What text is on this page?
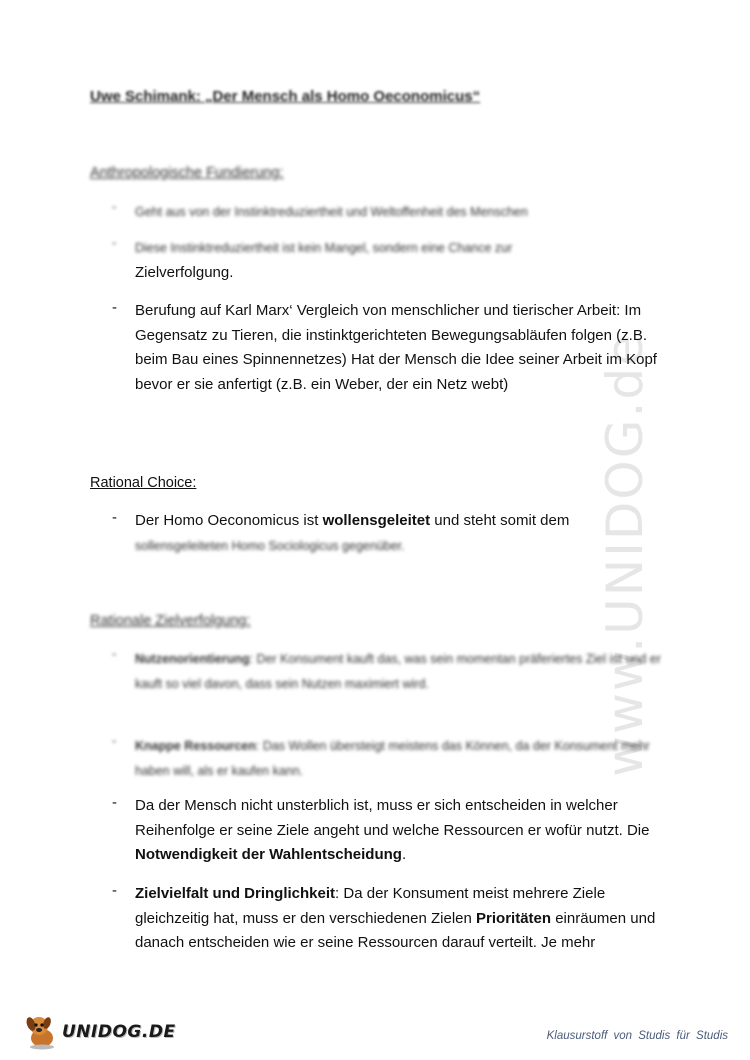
www.UNIDOG.de
Uwe Schimank: „Der Mensch als Homo Oeconomicus“
Anthropologische Fundierung:
- Geht aus von der Instinktreduziertheit und Weltoffenheit des Menschen

- Diese Instinktreduziertheit ist kein Mangel, sondern eine Chance zur

Zielverfolgung.

- Berufung auf Karl Marx‘ Vergleich von menschlicher und tierischer Arbeit: Im Gegensatz zu Tieren, die instinktgerichteten Bewegungsabläufen folgen (z.B. beim Bau eines Spinnennetzes) Hat der Mensch die Idee seiner Arbeit im Kopf bevor er sie anfertigt (z.B. ein Weber, der ein Netz webt)

Rational Choice:
- Der Homo Oeconomicus ist wollensgeleitet und steht somit dem

sollensgeleiteten Homo Sociologicus gegenüber.

Rationale Zielverfolgung:
- Nutzenorientierung: Der Konsument kauft das, was sein momentan präferiertes Ziel ist und er kauft so viel davon, dass sein Nutzen maximiert wird.

- Knappe Ressourcen: Das Wollen übersteigt meistens das Können, da der Konsument mehr haben will, als er kaufen kann.

- Da der Mensch nicht unsterblich ist, muss er sich entscheiden in welcher Reihenfolge er seine Ziele angeht und welche Ressourcen er wofür nutzt. Die Notwendigkeit der Wahlentscheidung.

- Zielvielfalt und Dringlichkeit: Da der Konsument meist mehrere Ziele gleichzeitig hat, muss er den verschiedenen Zielen Prioritäten einräumen und danach entscheiden wie er seine Ressourcen darauf verteilt. Je mehr

UNIDOG.DE	Klausurstoff von Studis für Studis
